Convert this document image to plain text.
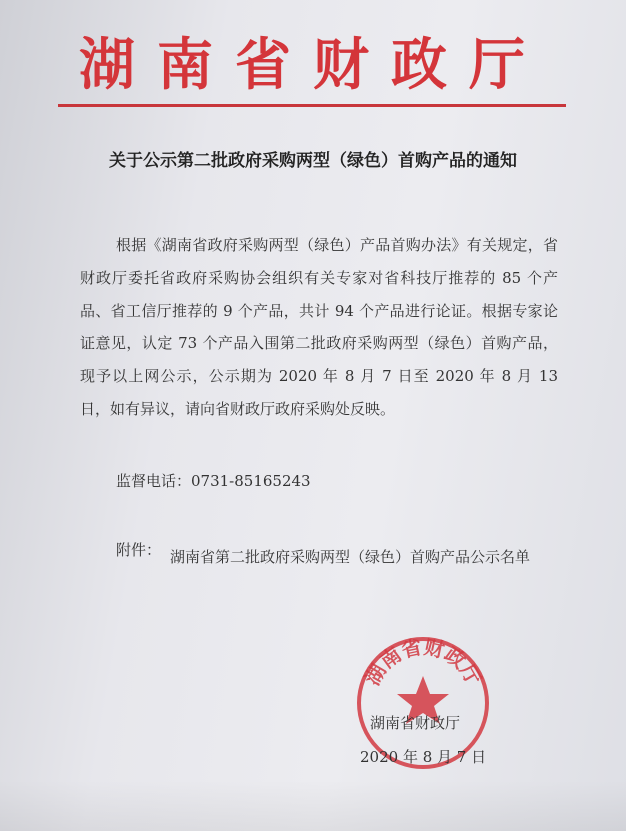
湖南省财政厅
关于公示第二批政府采购两型（绿色）首购产品的通知
根据《湖南省政府采购两型（绿色）产品首购办法》有关规定，省财政厅委托省政府采购协会组织有关专家对省科技厅推荐的 85 个产品、省工信厅推荐的 9 个产品，共计 94 个产品进行论证。根据专家论证意见，认定 73 个产品入围第二批政府采购两型（绿色）首购产品，现予以上网公示，公示期为 2020 年 8 月 7 日至 2020 年 8 月 13 日，如有异议，请向省财政厅政府采购处反映。
监督电话：0731-85165243
附件： 湖南省第二批政府采购两型（绿色）首购产品公示名单
湖南省财政厅
湖南省财政厅
2020 年 8 月 7 日
